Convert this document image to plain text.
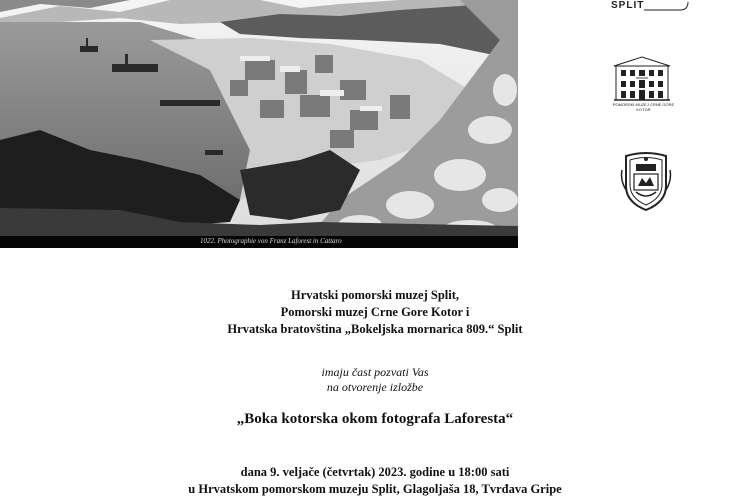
1022. Photographie von Franz Laforest in Cattaro
SPLIT
POMORSKI MUZEJ CRNE GORE KOTOR
Hrvatski pomorski muzej Split,
Pomorski muzej Crne Gore Kotor i
Hrvatska bratovština „Bokeljska mornarica 809.“ Split
imaju čast pozvati Vas
na otvorenje izložbe
„Boka kotorska okom fotografa Laforesta“
dana 9. veljače (četvrtak) 2023. godine u 18:00 sati
u Hrvatskom pomorskom muzeju Split, Glagoljaša 18, Tvrđava Gripe
